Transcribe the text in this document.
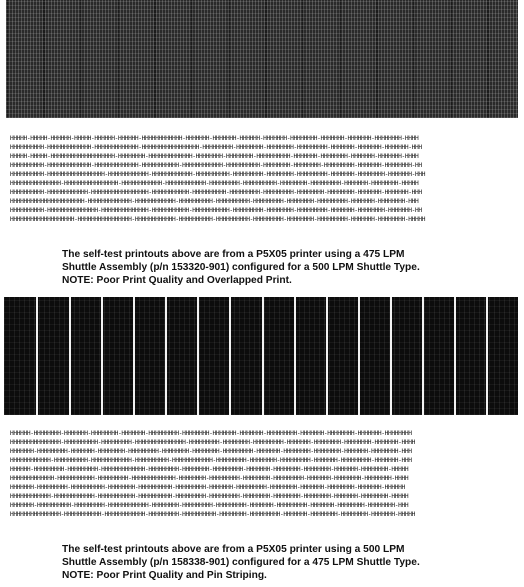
HHHHH-HHHHH-HHHHHH-HHHHH-HHHHHH-HHHHHH-HHHHHHHHHHHH-HHHHHHH-HHHHHHH-HHHHHH-HHHHHHH-HHHHHHHH-HHHHHHH-HHHHHHH-HHHHHHHH-HHHH
HHHHHHHHHH-HHHHHHHHHHHHH-HHHHHHHHHHHHH-HHHHHHHHHHHHHHHHH-HHHHHHHHH-HHHHHHHH-HHHHHHHH-HHHHHHHHH-HHHHHHH-HHHHHHH-HHHHHHH-HHH
HHHHH-HHHHH-HHHHHHHHHHHHHHHHHHH-HHHHHHHH-HHHHHHHHHHHHH-HHHHHHHH-HHHHHHHH-HHHHHHHHHH-HHHHHHH-HHHHHHHH-HHHHHHH-HHHHHHH-HHHH
HHHHHHHHHH-HHHHHHHHHHHHH-HHHHHHHHHHHHH-HHHHHHHHHHH-HHHHHHHHHHHH-HHHHHHHHHH-HHHHHHHH-HHHHHHHH-HHHHHHHHH-HHHHHHH-HHHHHHHH-HH
HHHHHHHHHH-HHHHHHHHHHHHHHHHH-HHHHHHHHHHHH-HHHHHHHHHHHH-HHHHHHHHHH-HHHHHHHHH-HHHHHHHH-HHHHHHHHH-HHHHHHH-HHHHHHHH-HHHHHHH-HHH
HHHHHHHHHHHHHHH-HHHHHHHHHHHHHHHH-HHHHHHHHHHHH-HHHHHHHHHHHH-HHHHHHHHH-HHHHHHHHHH-HHHHHHHH-HHHHHHHHH-HHHHHHH-HHHHHHHH-HHHHH
HHHHHHHHHH-HHHHHHHHHHHH-HHHHHHHHHHHHHHHHH-HHHHHHHHHHH-HHHHHHHHHH-HHHHHHHHH-HHHHHHHHH-HHHHHHHH-HHHHHHHH-HHHHHHH-HHHHHHH-HHH
HHHHHHHHHHHHHHHHHHHHHH-HHHHHHHHHHHHH-HHHHHHHHHHHH-HHHHHHHHHH-HHHHHHHHHH-HHHHHHHHH-HHHHHHHH-HHHHHHHHH-HHHHHHH-HHHHHHHH-HHH
HHHHHHHHHH-HHHHHHHHHHHHHHH-HHHHHHHHHHHHHH-HHHHHHHHHHH-HHHHHHHHHHH-HHHHHHHHH-HHHHHHHH-HHHHHHHHH-HHHHHHH-HHHHHHHH-HHHHHHH-HH
HHHHHHHHHHHHHHHHHHH-HHHHHHHHHHHHHHHH-HHHHHHHHHHHH-HHHHHHHHHH-HHHHHHHHHH-HHHHHHHHH-HHHHHHHH-HHHHHHHHH-HHHHHHH-HHHHHHHH-HHHHH
The self-test printouts above are from a P5X05 printer using a 475 LPM
Shuttle Assembly (p/n 153320-901) configured for a 500 LPM Shuttle Type.
NOTE: Poor Print Quality and Overlapped Print.
HHHHHH-HHHHHHHH-HHHHHHH-HHHHHHHH-HHHHHHH-HHHHHHHHH-HHHHHHHH-HHHHHHH-HHHHHHH-HHHHHHHHH-HHHHHHH-HHHHHHHH-HHHHHHH-HHHHHHHH
HHHHHHHHHHHHHHH-HHHHHHHHHH-HHHHHHHHH-HHHHHHHHHHHHHHH-HHHHHHHHH-HHHHHHHH-HHHHHHHHH-HHHHHHH-HHHHHHHH-HHHHHHHH-HHHHHHH-HHHH
HHHHHHH-HHHHHHHHH-HHHHHHH-HHHHHHHH-HHHHHHHHH-HHHHHHHH-HHHHHHHH-HHHHHHHHH-HHHHHHH-HHHHHHHH-HHHHHHHH-HHHHHHH-HHHHHHHH-HHH
HHHHHHHHHHHH-HHHHHHHHHH-HHHHHHHHHHHH-HHHHHHHHHH-HHHHHHHHHHHH-HHHHHHHHH-HHHHHHHH-HHHHHHHHH-HHHHHHH-HHHHHHHHH-HHHHHHH-HHH
HHHHHH-HHHHHHHHH-HHHHHHHHH-HHHHHHHHHHHHH-HHHHHHHHH-HHHHHHHH-HHHHHHHHH-HHHHHHH-HHHHHHHH-HHHHHHHH-HHHHHHH-HHHHHHHH-HHHHH
HHHHHHHHHHHHH-HHHHHHHHHHH-HHHHHHHHH-HHHHHHHHHHHHH-HHHHHHHH-HHHHHHHHH-HHHHHHHH-HHHHHHHHH-HHHHHHH-HHHHHHHH-HHHHHHHH-HHHH
HHHHHHH-HHHHHHHHH-HHHHHHHHHH-HHHHHHHH-HHHHHHHHHH-HHHHHHHHH-HHHHHHH-HHHHHHHHH-HHHHHHHH-HHHHHHH-HHHHHHHH-HHHHHHH-HHHHHH
HHHHHHHHHHHH-HHHHHHHHHHHH-HHHHHHHHHHH-HHHHHHHHHH-HHHHHHHHH-HHHHHHHHH-HHHHHHHH-HHHHHHHH-HHHHHHHH-HHHHHHH-HHHHHHHH-HHHHH
HHHHHHH-HHHHHHHHHH-HHHHHHHHH-HHHHHHHHHHHH-HHHHHHHH-HHHHHHHHH-HHHHHHHHH-HHHHHHH-HHHHHHHHH-HHHHHHH-HHHHHHHH-HHHHHHHH-HHH
HHHHHHHHHHHHHHH-HHHHHHHHHHH-HHHHHHHHHHHH-HHHHHHHHH-HHHHHHHHHH-HHHHHHHH-HHHHHHHHH-HHHHHHH-HHHHHHHH-HHHHHHHH-HHHHHHH-HHHHH
The self-test printouts above are from a P5X05 printer using a 500 LPM
Shuttle Assembly (p/n 158338-901) configured for a 475 LPM Shuttle Type.
NOTE: Poor Print Quality and Pin Striping.
